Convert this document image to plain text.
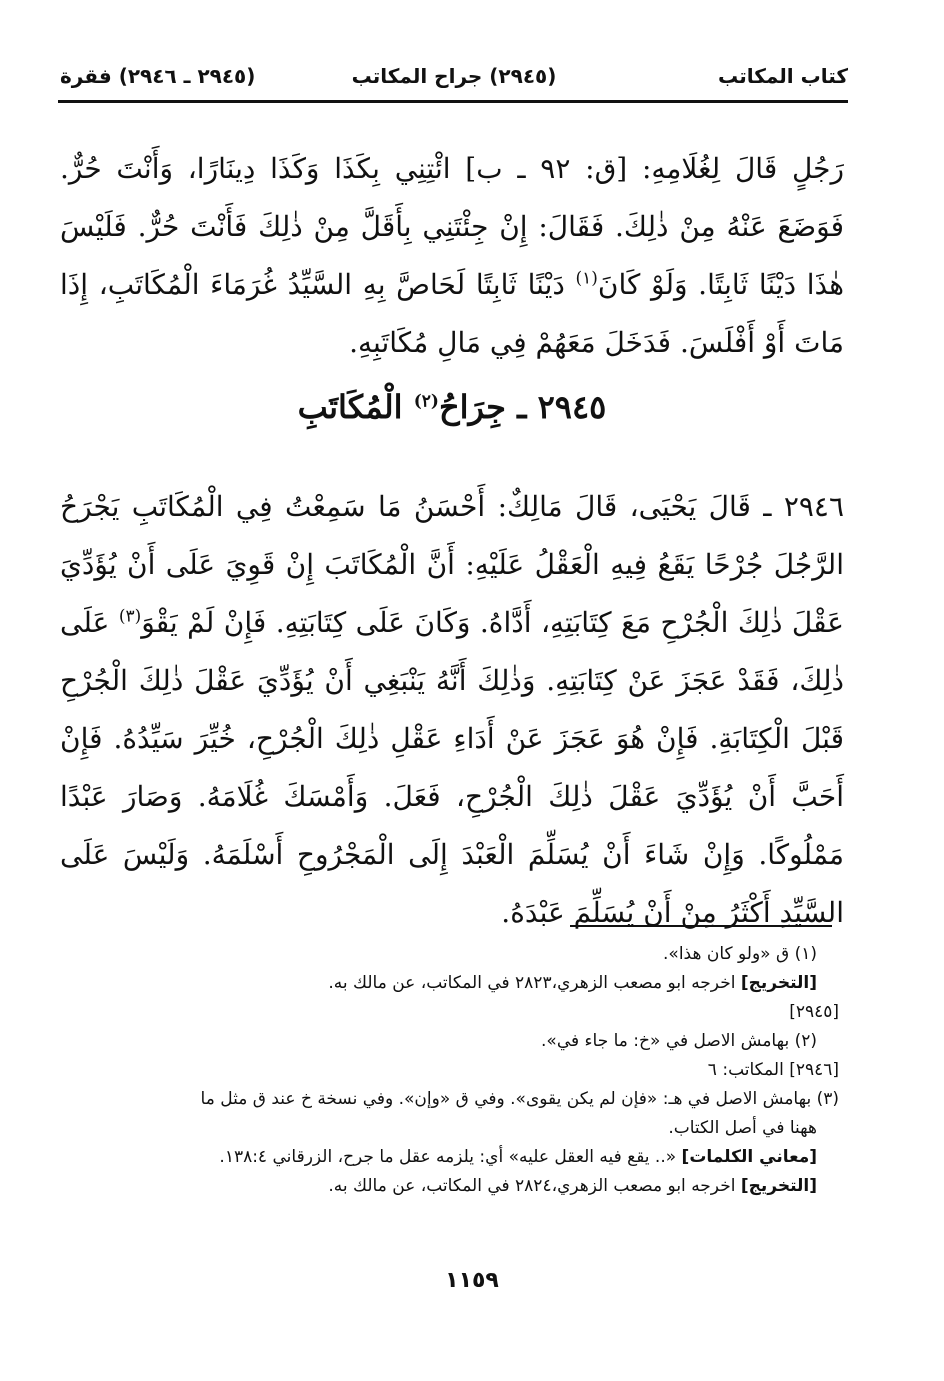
كتاب المكاتب
(٢٩٤٥) جراح المكاتب
(٢٩٤٥ ـ ٢٩٤٦) فقرة

رَجُلٍ قَالَ لِغُلَامِهِ: [ق: ٩٢ ـ ب] ائْتِنِي بِكَذَا وَكَذَا دِينَارًا، وَأَنْتَ حُرٌّ. فَوَضَعَ عَنْهُ مِنْ ذٰلِكَ. فَقَالَ: إِنْ جِئْتَنِي بِأَقَلَّ مِنْ ذٰلِكَ فَأَنْتَ حُرٌّ. فَلَيْسَ هٰذَا دَيْنًا ثَابِتًا. وَلَوْ كَانَ$^{(١)}$ دَيْنًا ثَابِتًا لَحَاصَّ بِهِ السَّيِّدُ غُرَمَاءَ الْمُكَاتَبِ، إِذَا مَاتَ أَوْ أَفْلَسَ. فَدَخَلَ مَعَهُمْ فِي مَالِ مُكَاتَبِهِ.

٢٩٤٥ ـ جِرَاحُ$^{(٢)}$ الْمُكَاتَبِ

٢٩٤٦ ـ قَالَ يَحْيَى، قَالَ مَالِكٌ: أَحْسَنُ مَا سَمِعْتُ فِي الْمُكَاتَبِ يَجْرَحُ الرَّجُلَ جُرْحًا يَقَعُ فِيهِ الْعَقْلُ عَلَيْهِ: أَنَّ الْمُكَاتَبَ إِنْ قَوِيَ عَلَى أَنْ يُؤَدِّيَ عَقْلَ ذٰلِكَ الْجُرْحِ مَعَ كِتَابَتِهِ، أَدَّاهُ. وَكَانَ عَلَى كِتَابَتِهِ. فَإِنْ لَمْ يَقْوَ$^{(٣)}$ عَلَى ذٰلِكَ، فَقَدْ عَجَزَ عَنْ كِتَابَتِهِ. وَذٰلِكَ أَنَّهُ يَنْبَغِي أَنْ يُؤَدِّيَ عَقْلَ ذٰلِكَ الْجُرْحِ قَبْلَ الْكِتَابَةِ. فَإِنْ هُوَ عَجَزَ عَنْ أَدَاءِ عَقْلِ ذٰلِكَ الْجُرْحِ، خُيِّرَ سَيِّدُهُ. فَإِنْ أَحَبَّ أَنْ يُؤَدِّيَ عَقْلَ ذٰلِكَ الْجُرْحِ، فَعَلَ. وَأَمْسَكَ غُلَامَهُ. وَصَارَ عَبْدًا مَمْلُوكًا. وَإِنْ شَاءَ أَنْ يُسَلِّمَ الْعَبْدَ إِلَى الْمَجْرُوحِ أَسْلَمَهُ. وَلَيْسَ عَلَى السَّيِّدِ أَكْثَرُ مِنْ أَنْ يُسَلِّمَ عَبْدَهُ.

(١) ق «ولو كان هذا».
[التخريج] اخرجه ابو مصعب الزهري،٢٨٢٣ في المكاتب، عن مالك به.
[٢٩٤٥]
(٢) بهامش الاصل في «خ: ما جاء في».
[٢٩٤٦] المكاتب: ٦
(٣) بهامش الاصل في هـ: «فإن لم يكن يقوى». وفي ق «وإن». وفي نسخة خ عند ق مثل ما
ههنا في أصل الكتاب.
[معاني الكلمات] «.. يقع فيه العقل عليه» أي: يلزمه عقل ما جرح، الزرقاني ١٣٨:٤.
[التخريج] اخرجه ابو مصعب الزهري،٢٨٢٤ في المكاتب، عن مالك به.
١١٥٩
